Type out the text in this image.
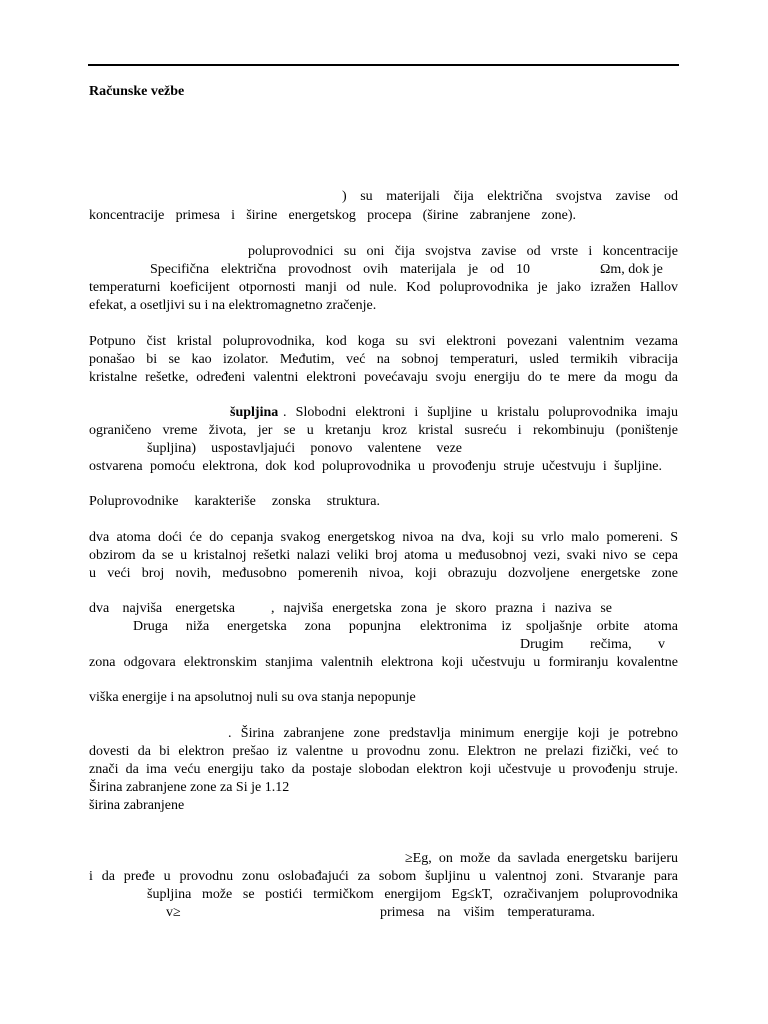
Računske vežbe
) su materijali čija električna svojstva zavise od
koncentracije primesa i širine energetskog procepa (širine zabranjene zone).
poluprovodnici su oni čija svojstva zavise od vrste i koncentracije
Specifična električna provodnost ovih materijala je od 10	Ωm, dok je
temperaturni koeficijent otpornosti manji od nule. Kod poluprovodnika je jako izražen Hallov
efekat, a osetljivi su i na elektromagnetno zračenje.
Potpuno čist kristal poluprovodnika, kod koga su svi elektroni povezani valentnim vezama
ponašao bi se kao izolator. Međutim, već na sobnoj temperaturi, usled termikih vibracija
kristalne rešetke, određeni valentni elektroni povećavaju svoju energiju do te mere da mogu da
šupljina . Slobodni elektroni i šupljine u kristalu poluprovodnika imaju
ograničeno vreme života, jer se u kretanju kroz kristal susreću i rekombinuju (poništenje
šupljina) uspostavljajući ponovo valentene veze
ostvarena pomoću elektrona, dok kod poluprovodnika u provođenju struje učestvuju i šupljine.
Poluprovodnike karakteriše zonska struktura.
dva atoma doći će do cepanja svakog energetskog nivoa na dva, koji su vrlo malo pomereni. S
obzirom da se u kristalnoj rešetki nalazi veliki broj atoma u međusobnoj vezi, svaki nivo se cepa
u veći broj novih, međusobno pomerenih nivoa, koji obrazuju dozvoljene energetske zone
dva najviša energetska	, najviša energetska zona je skoro prazna i naziva se
Druga niža energetska zona popunjna elektronima iz spoljašnje orbite atoma
Drugim rečima, v
zona odgovara elektronskim stanjima valentnih elektrona koji učestvuju u formiranju kovalentne
viška energije i na apsolutnoj nuli su ova stanja nepopunje
. Širina zabranjene zone predstavlja minimum energije koji je potrebno
dovesti da bi elektron prešao iz valentne u provodnu zonu. Elektron ne prelazi fizički, već to
znači da ima veću energiju tako da postaje slobodan elektron koji učestvuje u provođenju struje.
Širina zabranjene zone za Si je 1.12
širina zabranjene
≥Eg, on može da savlada energetsku barijeru
i da pređe u provodnu zonu oslobađajući za sobom šupljinu u valentnoj zoni. Stvaranje para
šupljina može se postići termičkom energijom Eg≤kT, ozračivanjem poluprovodnika
v≥	primesa na višim temperaturama.
